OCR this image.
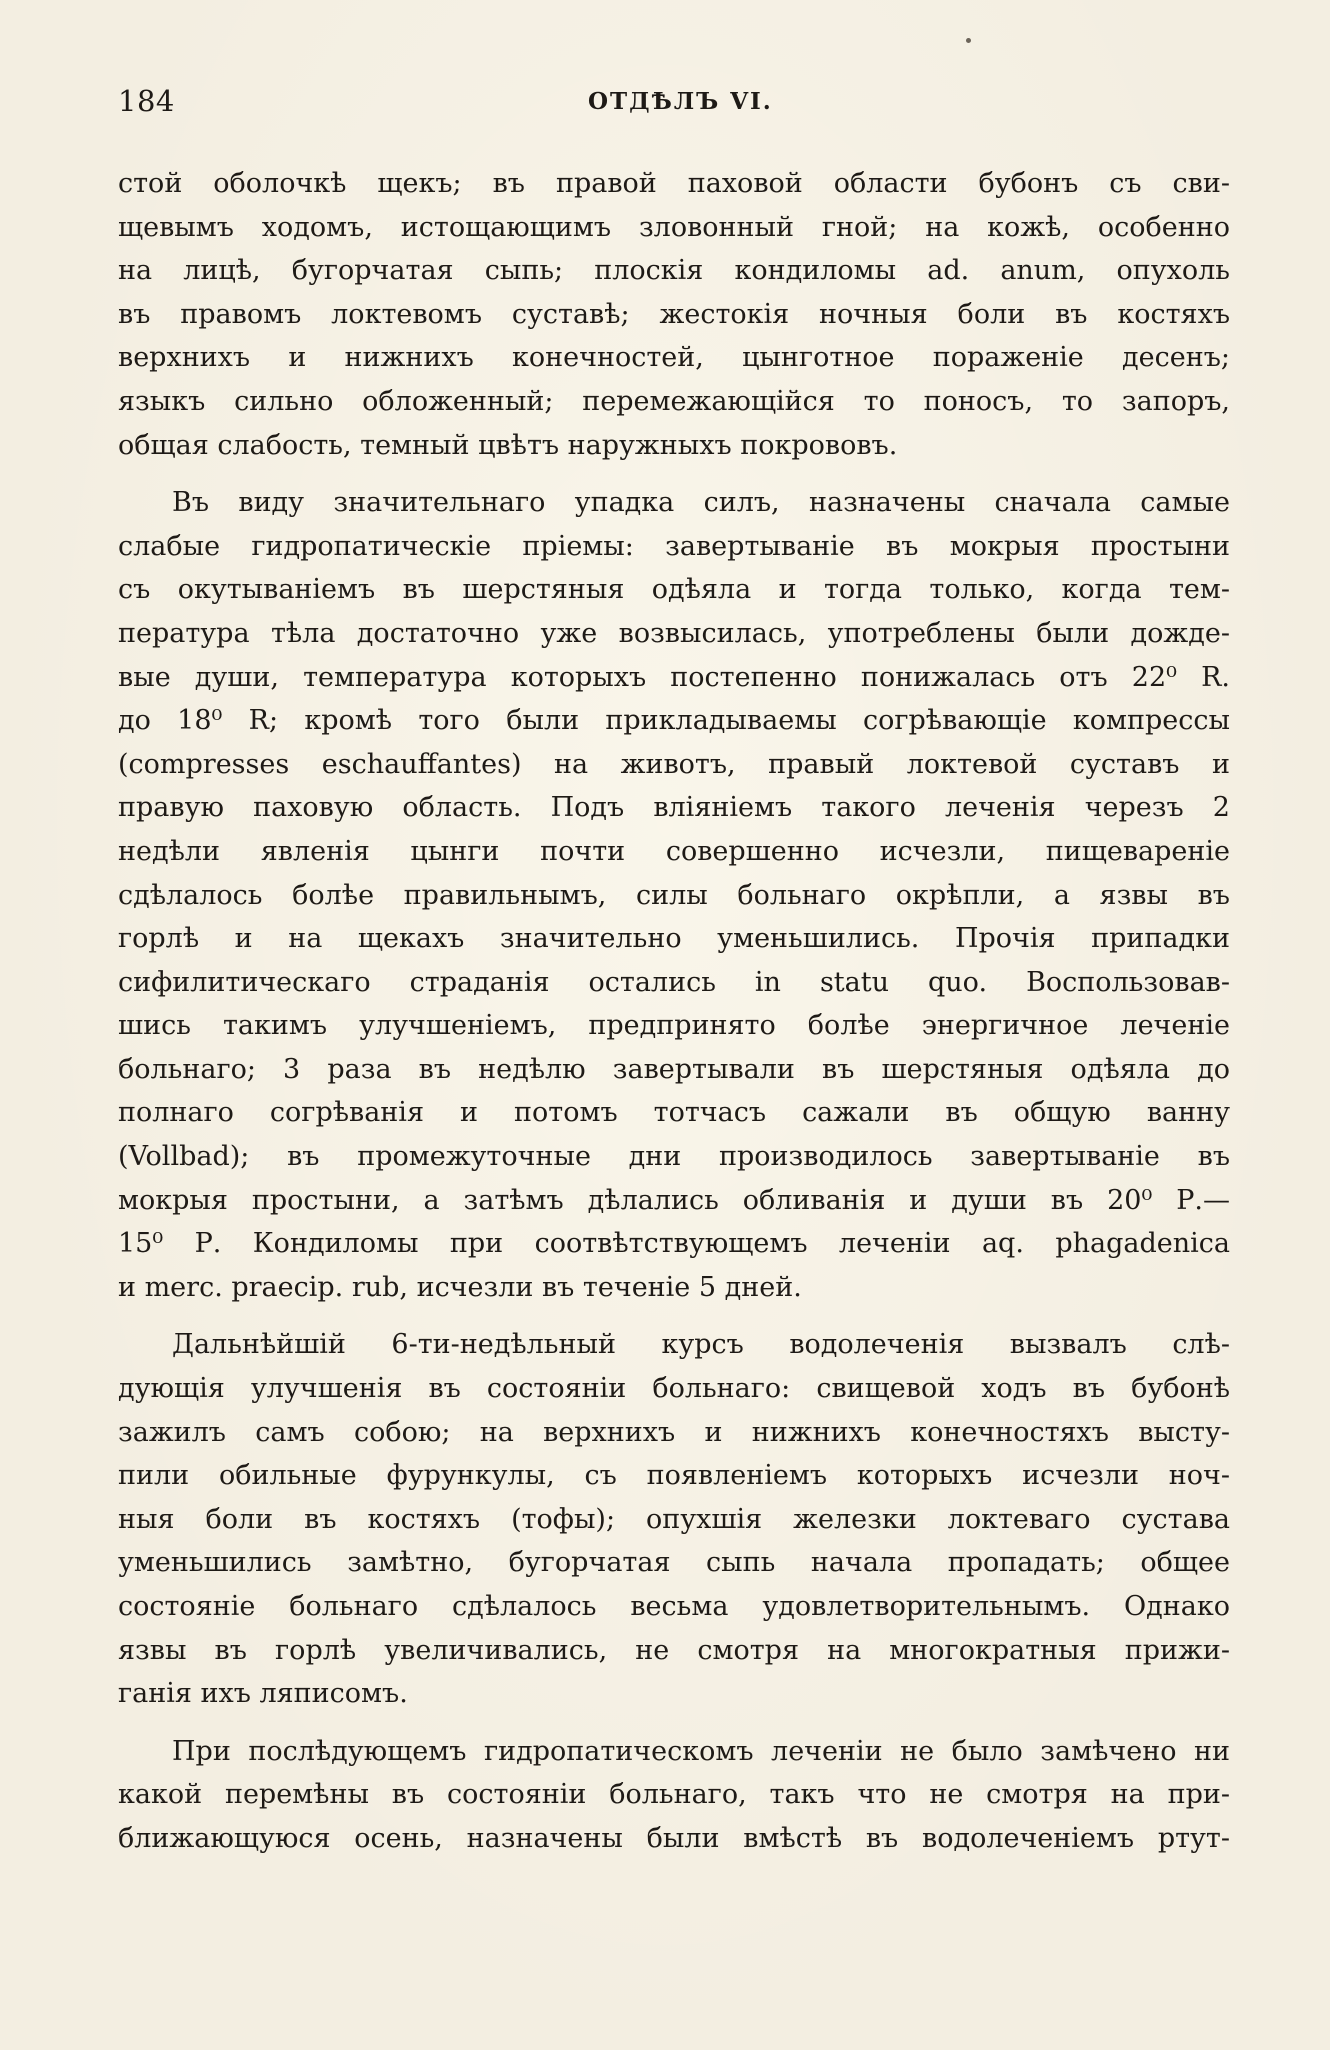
184	ОТДѢЛЪ VI.

стой оболочкѣ щекъ; въ правой паховой области бубонъ съ сви-
щевымъ ходомъ, истощающимъ зловонный гной; на кожѣ, особенно
на лицѣ, бугорчатая сыпь; плоскія кондиломы ad. anum, опухоль
въ правомъ локтевомъ суставѣ; жестокія ночныя боли въ костяхъ
верхнихъ и нижнихъ конечностей, цынготное пораженіе десенъ;
языкъ сильно обложенный; перемежающійся то поносъ, то запоръ,
общая слабость, темный цвѣтъ наружныхъ покрововъ.

Въ виду значительнаго упадка силъ, назначены сначала самые
слабые гидропатическіе пріемы: завертываніе въ мокрыя простыни
съ окутываніемъ въ шерстяныя одѣяла и тогда только, когда тем-
пература тѣла достаточно уже возвысилась, употреблены были дожде-
вые души, температура которыхъ постепенно понижалась отъ 22⁰ R.
до 18⁰ R; кромѣ того были прикладываемы согрѣвающіе компрессы
(compresses eschauffantes) на животъ, правый локтевой суставъ и
правую паховую область. Подъ вліяніемъ такого леченія черезъ 2
недѣли явленія цынги почти совершенно исчезли, пищевареніе
сдѣлалось болѣе правильнымъ, силы больнаго окрѣпли, а язвы въ
горлѣ и на щекахъ значительно уменьшились. Прочія припадки
сифилитическаго страданія остались in statu quo. Воспользовав-
шись такимъ улучшеніемъ, предпринято болѣе энергичное леченіе
больнаго; 3 раза въ недѣлю завертывали въ шерстяныя одѣяла до
полнаго согрѣванія и потомъ тотчасъ сажали въ общую ванну
(Vollbad); въ промежуточные дни производилось завертываніе въ
мокрыя простыни, а затѣмъ дѣлались обливанія и души въ 20⁰ Р.—
15⁰ Р. Кондиломы при соотвѣтствующемъ леченіи aq. phagadenica
и merc. praecip. rub, исчезли въ теченіе 5 дней.

Дальнѣйшій 6-ти-недѣльный курсъ водолеченія вызвалъ слѣ-
дующія улучшенія въ состояніи больнаго: свищевой ходъ въ бубонѣ
зажилъ самъ собою; на верхнихъ и нижнихъ конечностяхъ высту-
пили обильные фурункулы, съ появленіемъ которыхъ исчезли ноч-
ныя боли въ костяхъ (тофы); опухшія железки локтеваго сустава
уменьшились замѣтно, бугорчатая сыпь начала пропадать; общее
состояніе больнаго сдѣлалось весьма удовлетворительнымъ. Однако
язвы въ горлѣ увеличивались, не смотря на многократныя прижи-
ганія ихъ ляписомъ.

При послѣдующемъ гидропатическомъ леченіи не было замѣчено ни
какой перемѣны въ состояніи больнаго, такъ что не смотря на при-
ближающуюся осень, назначены были вмѣстѣ въ водолеченіемъ ртут-
